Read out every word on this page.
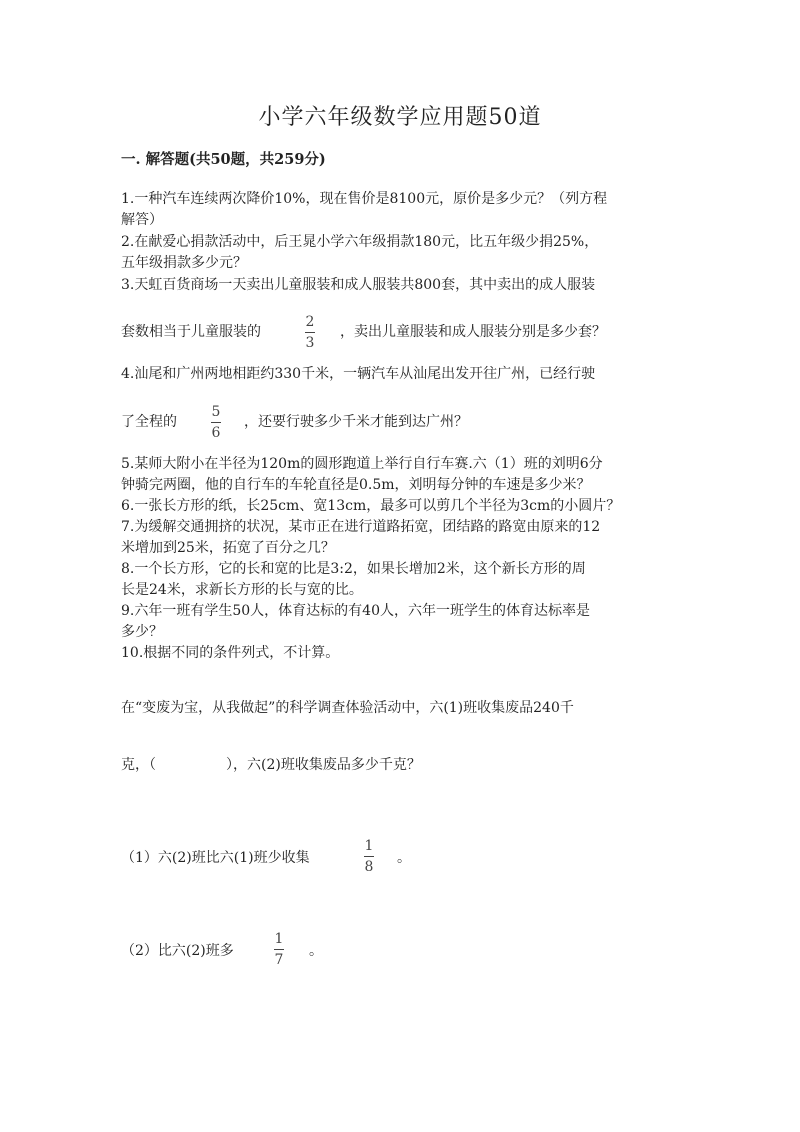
小学六年级数学应用题50道
一. 解答题(共50题，共259分)
1.一种汽车连续两次降价10%，现在售价是8100元，原价是多少元？（列方程
解答）
2.在献爱心捐款活动中，后王晁小学六年级捐款180元，比五年级少捐25%，
五年级捐款多少元？
3.天虹百货商场一天卖出儿童服装和成人服装共800套，其中卖出的成人服装
套数相当于儿童服装的
2
3
，卖出儿童服装和成人服装分别是多少套？
4.汕尾和广州两地相距约330千米，一辆汽车从汕尾出发开往广州，已经行驶
了全程的
5
6
，还要行驶多少千米才能到达广州？
5.某师大附小在半径为120m的圆形跑道上举行自行车赛.六（1）班的刘明6分
钟骑完两圈，他的自行车的车轮直径是0.5m，刘明每分钟的车速是多少米？
6.一张长方形的纸，长25cm、宽13cm，最多可以剪几个半径为3cm的小圆片？
7.为缓解交通拥挤的状况，某市正在进行道路拓宽，团结路的路宽由原来的12
米增加到25米，拓宽了百分之几？
8.一个长方形，它的长和宽的比是3:2，如果长增加2米，这个新长方形的周
长是24米，求新长方形的长与宽的比。
9.六年一班有学生50人，体育达标的有40人，六年一班学生的体育达标率是
多少？
10.根据不同的条件列式，不计算。
在“变废为宝，从我做起”的科学调查体验活动中，六(1)班收集废品240千
克，（　　　　　），六(2)班收集废品多少千克？
（1）六(2)班比六(1)班少收集
1
8
。
（2）比六(2)班多
1
7
。
